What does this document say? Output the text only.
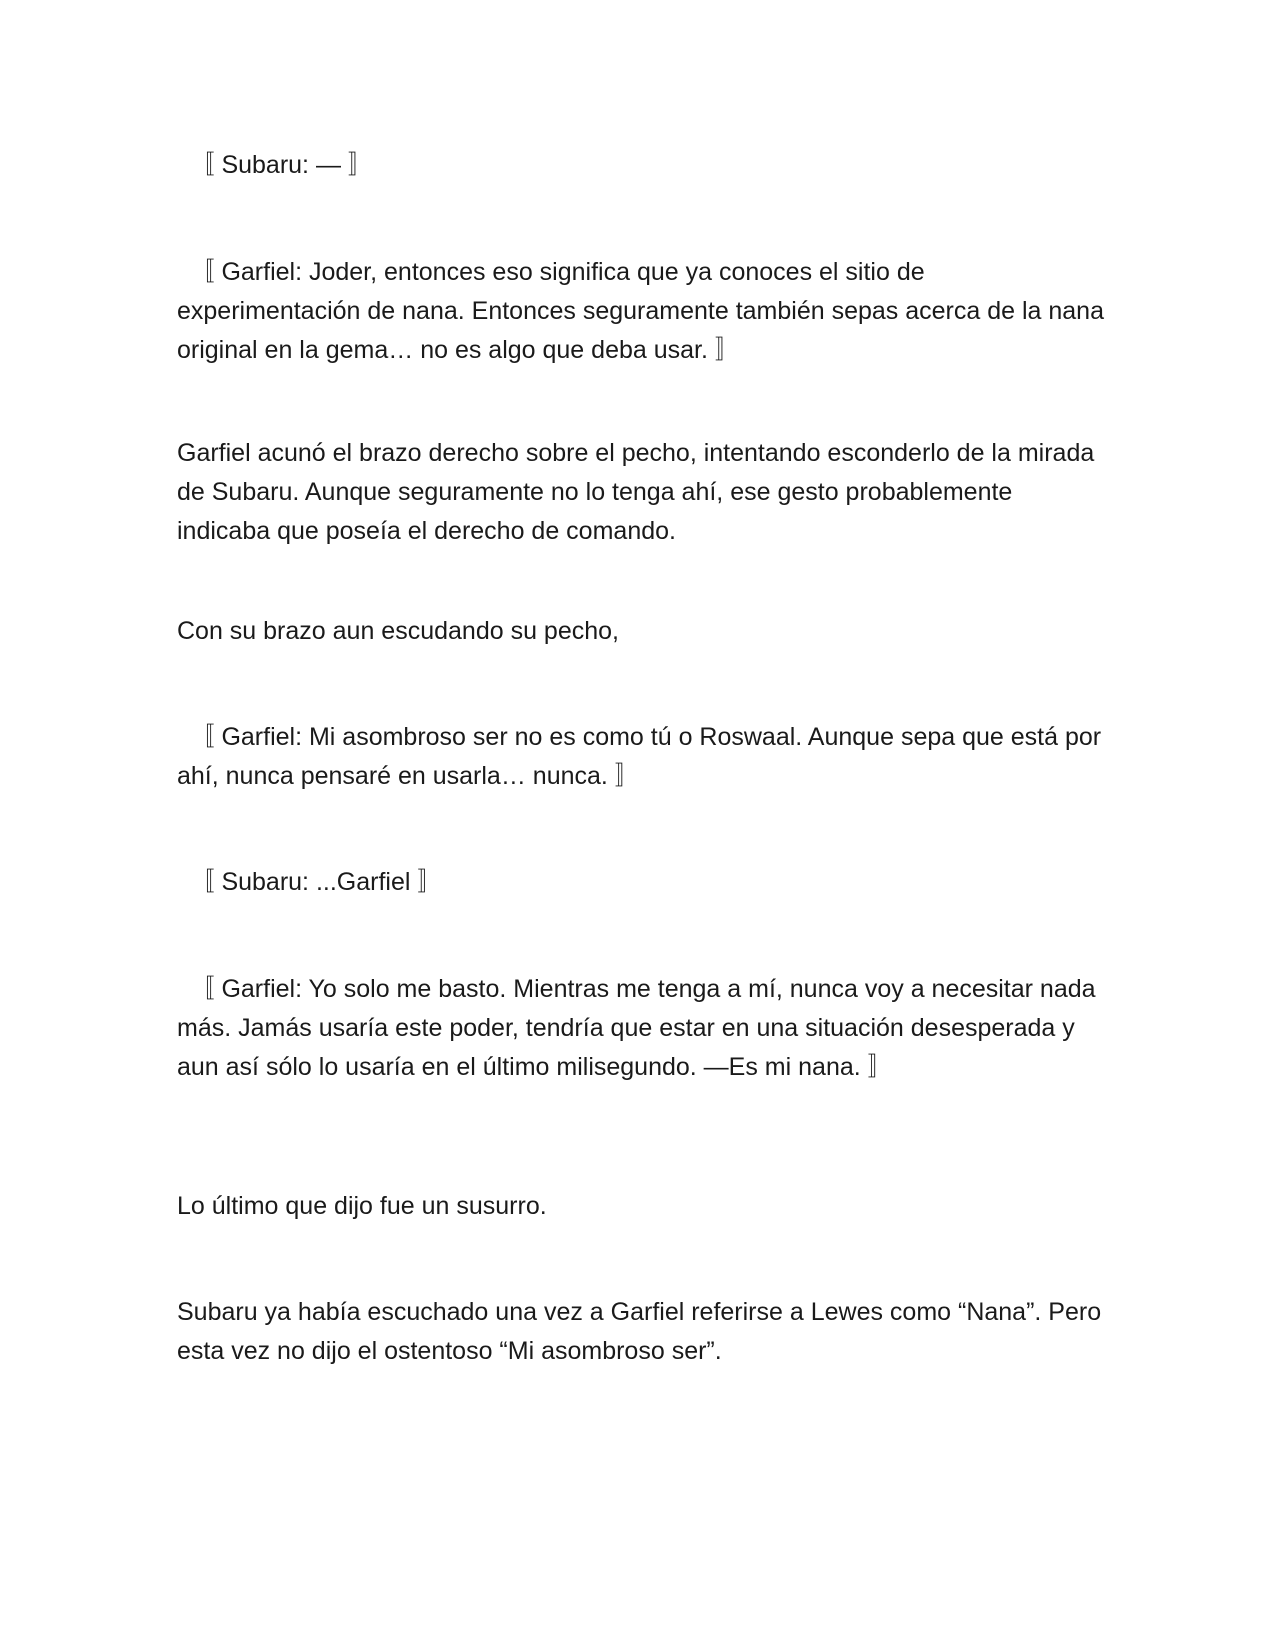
　〚 Subaru: — 〛

　〚 Garfiel: Joder, entonces eso significa que ya conoces el sitio de experimentación de nana. Entonces seguramente también sepas acerca de la nana original en la gema… no es algo que deba usar. 〛

Garfiel acunó el brazo derecho sobre el pecho, intentando esconderlo de la mirada de Subaru. Aunque seguramente no lo tenga ahí, ese gesto probablemente indicaba que poseía el derecho de comando.

Con su brazo aun escudando su pecho,

　〚 Garfiel: Mi asombroso ser no es como tú o Roswaal. Aunque sepa que está por ahí, nunca pensaré en usarla… nunca. 〛

　〚 Subaru: ...Garfiel 〛

　〚 Garfiel: Yo solo me basto. Mientras me tenga a mí, nunca voy a necesitar nada más. Jamás usaría este poder, tendría que estar en una situación desesperada y aun así sólo lo usaría en el último milisegundo. —Es mi nana. 〛

Lo último que dijo fue un susurro.

Subaru ya había escuchado una vez a Garfiel referirse a Lewes como “Nana”. Pero esta vez no dijo el ostentoso “Mi asombroso ser”.
